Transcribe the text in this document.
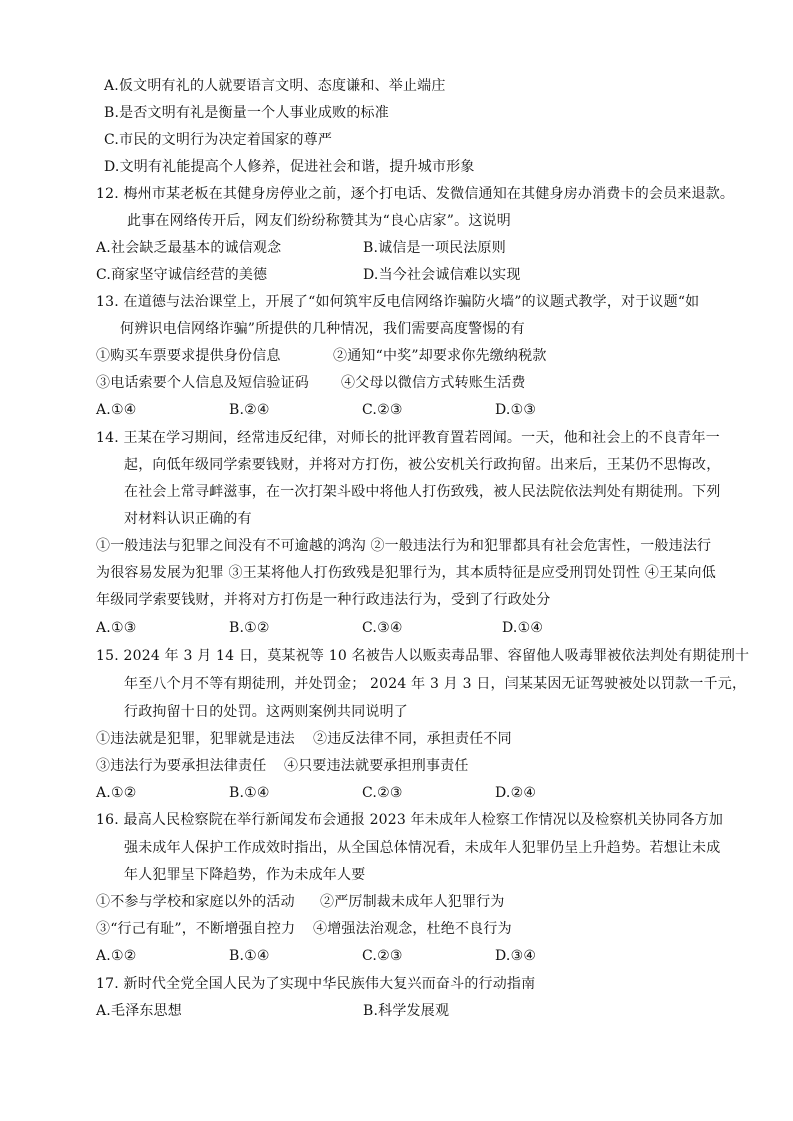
A.仮文明有礼的人就要语言文明、态度谦和、举止端庄
B.是否文明有礼是衡量一个人事业成败的标准
C.市民的文明行为决定着国家的尊严
D.文明有礼能提高个人修养，促进社会和谐，提升城市形象
12. 梅州市某老板在其健身房停业之前，逐个打电话、发微信通知在其健身房办消费卡的会员来退款。
此事在网络传开后，网友们纷纷称赞其为“良心店家”。这说明
A.社会缺乏最基本的诚信观念	B.诚信是一项民法原则
C.商家坚守诚信经营的美德	D.当今社会诚信难以实现
13. 在道德与法治课堂上，开展了“如何筑牢反电信网络诈骗防火墙”的议题式教学，对于议题“如
何辨识电信网络诈骗”所提供的几种情况，我们需要高度警惕的有
①购买车票要求提供身份信息	②通知“中奖”却要求你先缴纳税款
③电话索要个人信息及短信验证码 ④父母以微信方式转账生活费
A.①④	B.②④	C.②③	D.①③
14. 王某在学习期间，经常违反纪律，对师长的批评教育置若罔闻。一天，他和社会上的不良青年一
起，向低年级同学索要钱财，并将对方打伤，被公安机关行政拘留。出来后，王某仍不思悔改，
在社会上常寻衅滋事，在一次打架斗殴中将他人打伤致残，被人民法院依法判处有期徒刑。下列
对材料认识正确的有
①一般违法与犯罪之间没有不可逾越的鸿沟 ②一般违法行为和犯罪都具有社会危害性，一般违法行
为很容易发展为犯罪 ③王某将他人打伤致残是犯罪行为，其本质特征是应受刑罚处罚性 ④王某向低
年级同学索要钱财，并将对方打伤是一种行政违法行为，受到了行政处分
A.①③	B.①②	C.③④	D.①④
15. 2024 年 3 月 14 日，莫某祝等 10 名被告人以贩卖毒品罪、容留他人吸毒罪被依法判处有期徒刑十
年至八个月不等有期徒刑，并处罚金； 2024 年 3 月 3 日，闫某某因无证驾驶被处以罚款一千元，
行政拘留十日的处罚。这两则案例共同说明了
①违法就是犯罪，犯罪就是违法 ②违反法律不同，承担责任不同
③违法行为要承担法律责任 ④只要违法就要承担刑事责任
A.①②	B.①④	C.②③	D.②④
16. 最高人民检察院在举行新闻发布会通报 2023 年未成年人检察工作情况以及检察机关协同各方加
强未成年人保护工作成效时指出，从全国总体情况看，未成年人犯罪仍呈上升趋势。若想让未成
年人犯罪呈下降趋势，作为未成年人要
①不参与学校和家庭以外的活动 ②严厉制裁未成年人犯罪行为
③“行己有耻”，不断增强自控力 ④增强法治观念，杜绝不良行为
A.①②	B.①④	C.②③	D.③④
17. 新时代全党全国人民为了实现中华民族伟大复兴而奋斗的行动指南
A.毛泽东思想	B.科学发展观
